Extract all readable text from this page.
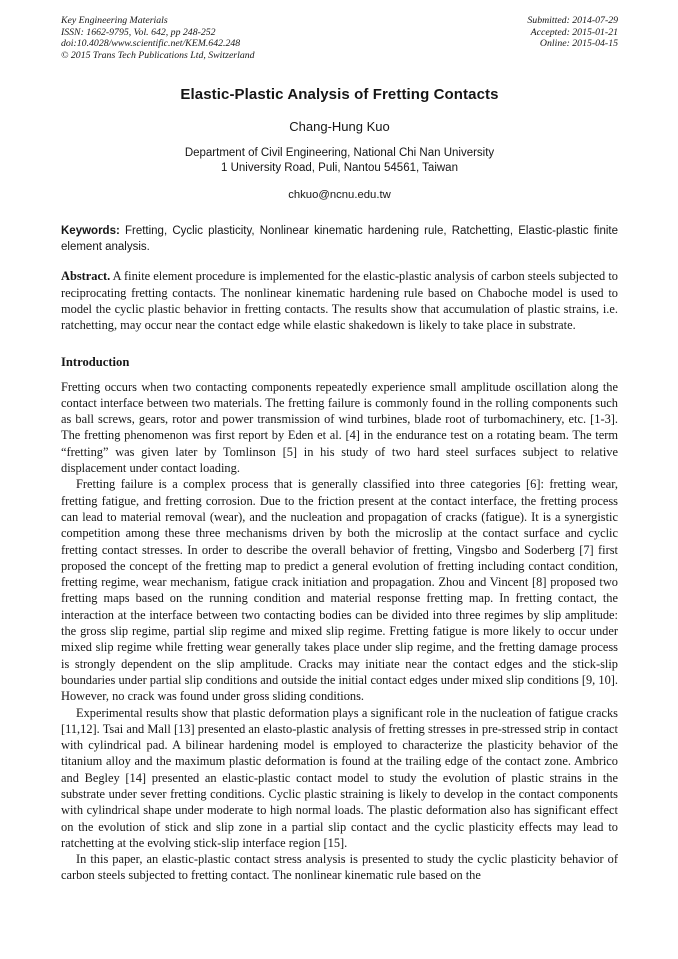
Key Engineering Materials
ISSN: 1662-9795, Vol. 642, pp 248-252
doi:10.4028/www.scientific.net/KEM.642.248
© 2015 Trans Tech Publications Ltd, Switzerland
Submitted: 2014-07-29
Accepted: 2015-01-21
Online: 2015-04-15
Elastic-Plastic Analysis of Fretting Contacts
Chang-Hung Kuo
Department of Civil Engineering, National Chi Nan University
1 University Road, Puli, Nantou 54561, Taiwan
chkuo@ncnu.edu.tw

Keywords: Fretting, Cyclic plasticity, Nonlinear kinematic hardening rule, Ratchetting, Elastic-plastic finite element analysis.

Abstract. A finite element procedure is implemented for the elastic-plastic analysis of carbon steels subjected to reciprocating fretting contacts. The nonlinear kinematic hardening rule based on Chaboche model is used to model the cyclic plastic behavior in fretting contacts. The results show that accumulation of plastic strains, i.e. ratchetting, may occur near the contact edge while elastic shakedown is likely to take place in substrate.

Introduction

Fretting occurs when two contacting components repeatedly experience small amplitude oscillation along the contact interface between two materials. The fretting failure is commonly found in the rolling components such as ball screws, gears, rotor and power transmission of wind turbines, blade root of turbomachinery, etc. [1-3]. The fretting phenomenon was first report by Eden et al. [4] in the endurance test on a rotating beam. The term “fretting” was given later by Tomlinson [5] in his study of two hard steel surfaces subject to relative displacement under contact loading.

Fretting failure is a complex process that is generally classified into three categories [6]: fretting wear, fretting fatigue, and fretting corrosion. Due to the friction present at the contact interface, the fretting process can lead to material removal (wear), and the nucleation and propagation of cracks (fatigue). It is a synergistic competition among these three mechanisms driven by both the microslip at the contact surface and cyclic fretting contact stresses. In order to describe the overall behavior of fretting, Vingsbo and Soderberg [7] first proposed the concept of the fretting map to predict a general evolution of fretting including contact condition, fretting regime, wear mechanism, fatigue crack initiation and propagation. Zhou and Vincent [8] proposed two fretting maps based on the running condition and material response fretting map. In fretting contact, the interaction at the interface between two contacting bodies can be divided into three regimes by slip amplitude: the gross slip regime, partial slip regime and mixed slip regime. Fretting fatigue is more likely to occur under mixed slip regime while fretting wear generally takes place under slip regime, and the fretting damage process is strongly dependent on the slip amplitude. Cracks may initiate near the contact edges and the stick-slip boundaries under partial slip conditions and outside the initial contact edges under mixed slip conditions [9, 10]. However, no crack was found under gross sliding conditions.

Experimental results show that plastic deformation plays a significant role in the nucleation of fatigue cracks [11,12]. Tsai and Mall [13] presented an elasto-plastic analysis of fretting stresses in pre-stressed strip in contact with cylindrical pad. A bilinear hardening model is employed to characterize the plasticity behavior of the titanium alloy and the maximum plastic deformation is found at the trailing edge of the contact zone. Ambrico and Begley [14] presented an elastic-plastic contact model to study the evolution of plastic strains in the substrate under sever fretting conditions. Cyclic plastic straining is likely to develop in the contact components with cylindrical shape under moderate to high normal loads. The plastic deformation also has significant effect on the evolution of stick and slip zone in a partial slip contact and the cyclic plasticity effects may lead to ratchetting at the evolving stick-slip interface region [15].

In this paper, an elastic-plastic contact stress analysis is presented to study the cyclic plasticity behavior of carbon steels subjected to fretting contact. The nonlinear kinematic rule based on the
